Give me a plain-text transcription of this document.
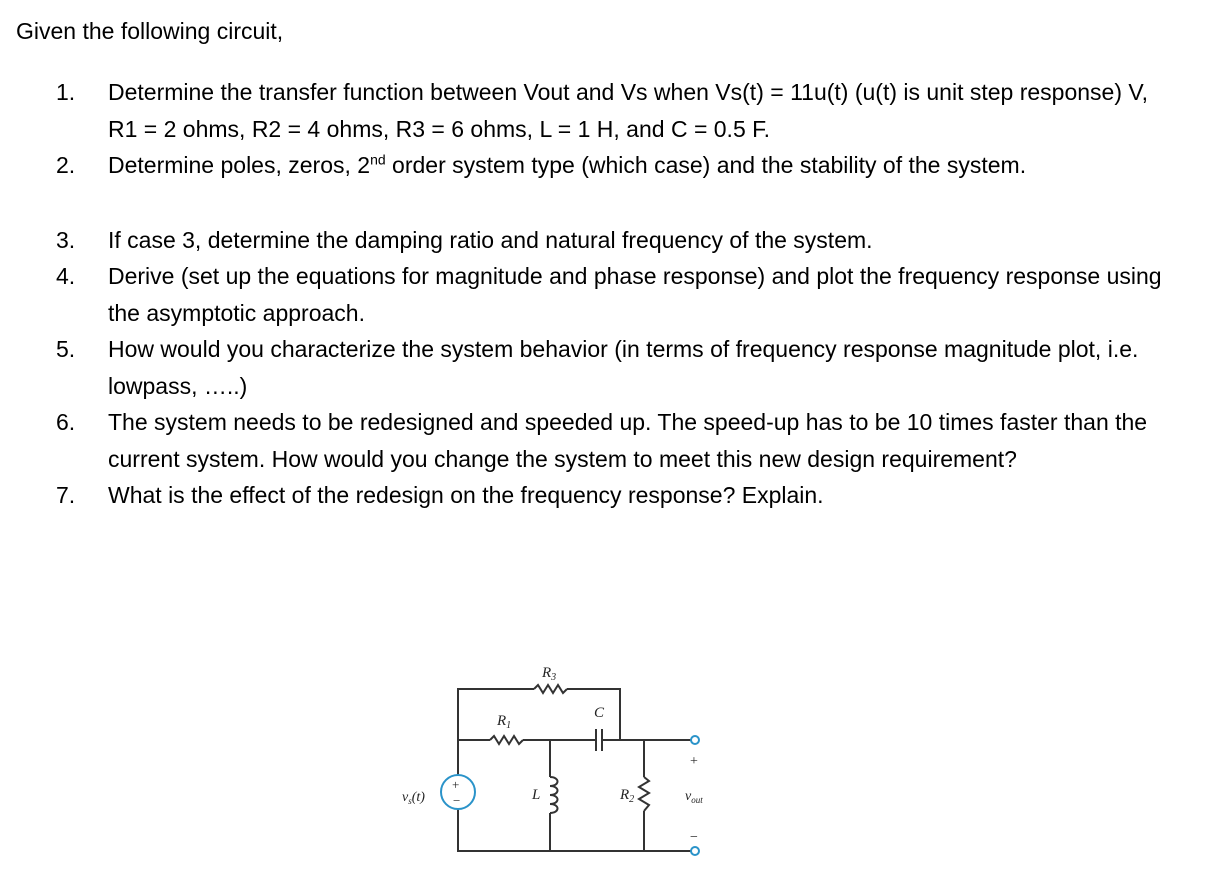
Given the following circuit,
1.	Determine the transfer function between Vout and Vs when Vs(t) = 11u(t) (u(t) is unit step response) V, R1 = 2 ohms, R2 = 4 ohms, R3 = 6 ohms, L = 1 H, and C = 0.5 F.
2.	Determine poles, zeros, 2nd order system type (which case) and the stability of the system.
3.	If case 3, determine the damping ratio and natural frequency of the system.
4.	Derive (set up the equations for magnitude and phase response) and plot the frequency response using the asymptotic approach.
5.	How would you characterize the system behavior (in terms of frequency response magnitude plot, i.e. lowpass, …..)
6.	The system needs to be redesigned and speeded up. The speed-up has to be 10 times faster than the current system. How would you change the system to meet this new design requirement?
7.	What is the effect of the redesign on the frequency response? Explain.
+
−
$R_3$
$R_1$
C
L	$R_2$
$v_s(t)$
+
$v_{out}$
−
